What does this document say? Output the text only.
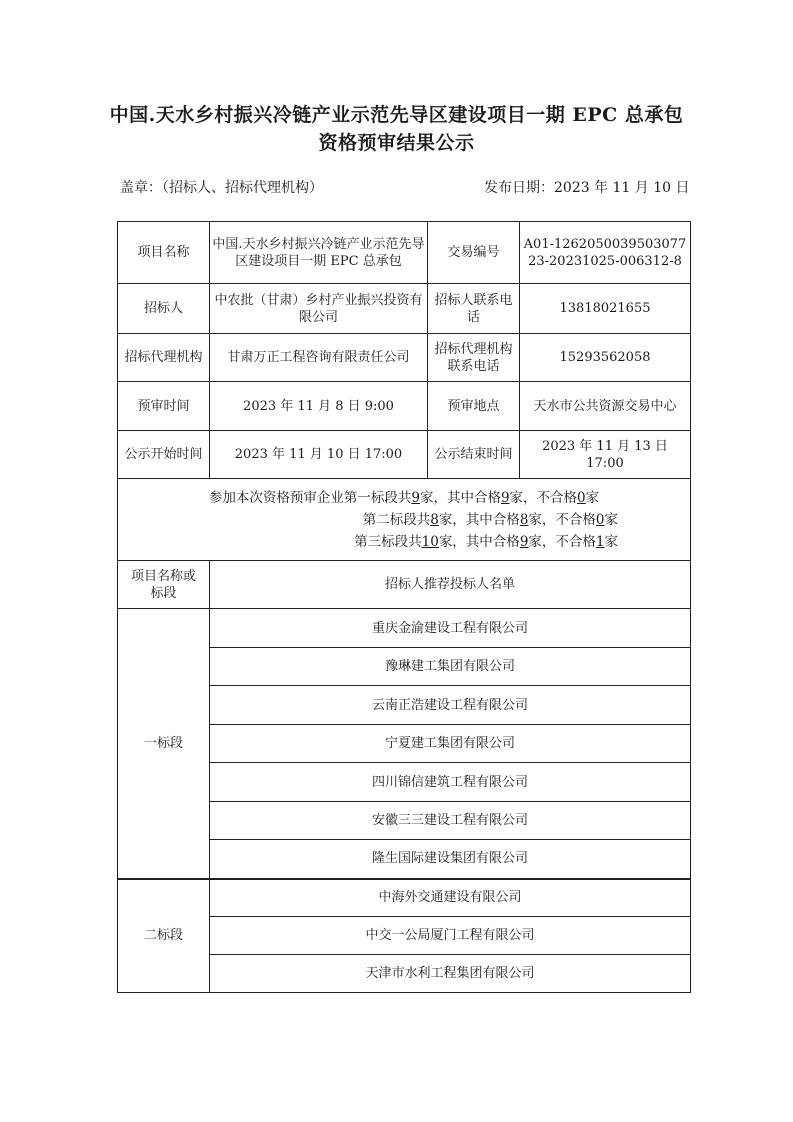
中国.天水乡村振兴冷链产业示范先导区建设项目一期 EPC 总承包
资格预审结果公示
盖章：（招标人、招标代理机构）	发布日期：2023 年 11 月 10 日
项目名称	中国.天水乡村振兴冷链产业示范先导区建设项目一期 EPC 总承包	交易编号	A01-126205003950307723-20231025-006312-8
招标人	中农批（甘肃）乡村产业振兴投资有限公司	招标人联系电话	13818021655
招标代理机构	甘肃万正工程咨询有限责任公司	招标代理机构联系电话	15293562058
预审时间	2023 年 11 月 8 日 9:00	预审地点	天水市公共资源交易中心
公示开始时间	2023 年 11 月 10 日 17:00	公示结束时间	2023 年 11 月 13 日 17:00

参加本次资格预审企业第一标段共9家，其中合格9家，不合格0家
第二标段共8家，其中合格8家，不合格0家
第三标段共10家，其中合格9家，不合格1家			
项目名称或标段	招标人推荐投标人名单
一标段	重庆金渝建设工程有限公司
	豫琳建工集团有限公司
	云南正浩建设工程有限公司
	宁夏建工集团有限公司
	四川锦信建筑工程有限公司
	安徽三三建设工程有限公司
	隆生国际建设集团有限公司
二标段	中海外交通建设有限公司
	中交一公局厦门工程有限公司
	天津市水利工程集团有限公司
